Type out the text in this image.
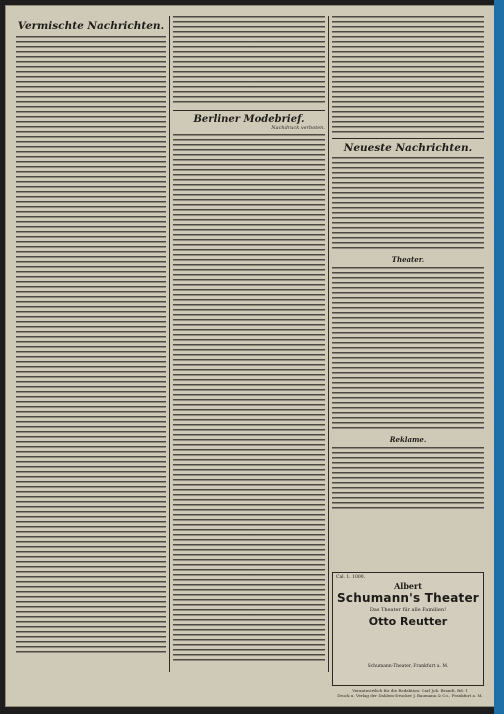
Vermischte Nachrichten.

Berliner Modebrief.
Nachdruck verboten.

Neueste Nachrichten.

Theater.

Reklame.

Cal. 1. 1000.
Albert
Schumann's Theater
Das Theater für alle Familien!
Otto Reutter

Schumann-Theater, Frankfurt a. M.
Verantwortlich für die Redaktion: Carl Joh. Brandt, Bd. 1
Druck u. Verlag der Dahlem-Drucker J. Baumann & Co., Frankfurt a. M.
